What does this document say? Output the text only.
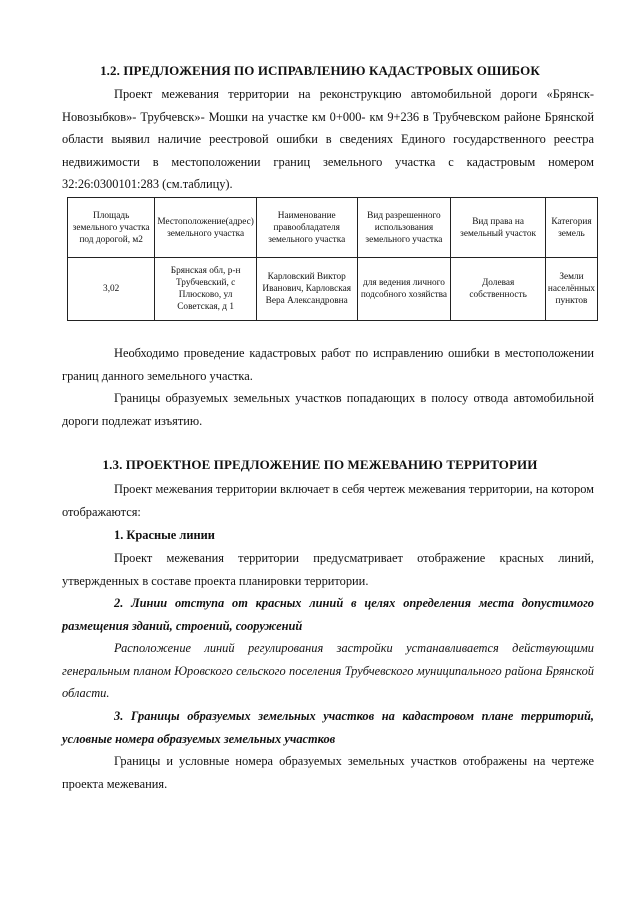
1.2. ПРЕДЛОЖЕНИЯ ПО ИСПРАВЛЕНИЮ КАДАСТРОВЫХ ОШИБОК
Проект межевания территории на реконструкцию автомобильной дороги «Брянск-Новозыбков»- Трубчевск»- Мошки на участке км 0+000- км 9+236 в Трубчевском районе Брянской области выявил наличие реестровой ошибки в сведениях Единого государственного реестра недвижимости в местоположении границ земельного участка с кадастровым номером 32:26:0300101:283 (см.таблицу).
Площадь земельного участка под дорогой, м2	Местоположение(адрес) земельного участка	Наименование правообладателя земельного участка	Вид разрешенного использования земельного участка	Вид права на земельный участок	Категория земель
3,02	Брянская обл, р-н Трубчевский, с Плюсково, ул Советская, д 1	Карловский Виктор Иванович, Карловская Вера Александровна	для ведения личного подсобного хозяйства	Долевая собственность	Земли населённых пунктов
Необходимо проведение кадастровых работ по исправлению ошибки в местоположении границ данного земельного участка.
Границы образуемых земельных участков попадающих в полосу отвода автомобильной дороги подлежат изъятию.
1.3. ПРОЕКТНОЕ ПРЕДЛОЖЕНИЕ ПО МЕЖЕВАНИЮ ТЕРРИТОРИИ
Проект межевания территории включает в себя чертеж межевания территории, на котором отображаются:
1. Красные линии
Проект межевания территории предусматривает отображение красных линий, утвержденных в составе проекта планировки территории.
2. Линии отступа от красных линий в целях определения места допустимого размещения зданий, строений, сооружений
Расположение линий регулирования застройки устанавливается действующими генеральным планом Юровского сельского поселения Трубчевского муниципального района Брянской области.
3. Границы образуемых земельных участков на кадастровом плане территорий, условные номера образуемых земельных участков
Границы и условные номера образуемых земельных участков отображены на чертеже проекта межевания.
